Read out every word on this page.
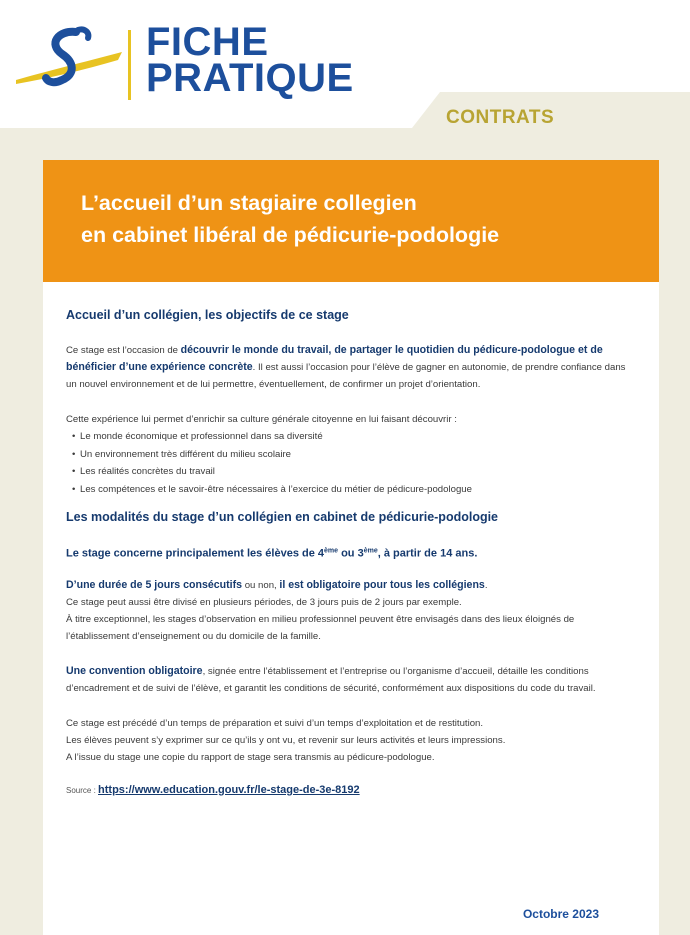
FICHE
PRATIQUE
CONTRATS
L’accueil d’un stagiaire collegien
en cabinet libéral de pédicurie-podologie
Accueil d’un collégien, les objectifs de ce stage

Ce stage est l’occasion de découvrir le monde du travail, de partager le quotidien du pédicure-podologue et de bénéficier d’une expérience concrète. Il est aussi l’occasion pour l’élève de gagner en autonomie, de prendre confiance dans un nouvel environnement et de lui permettre, éventuellement, de confirmer un projet d’orientation.

Cette expérience lui permet d’enrichir sa culture générale citoyenne en lui faisant découvrir :

• Le monde économique et professionnel dans sa diversité
• Un environnement très différent du milieu scolaire
• Les réalités concrètes du travail
• Les compétences et le savoir-être nécessaires à l’exercice du métier de pédicure-podologue
Les modalités du stage d’un collégien en cabinet de pédicurie-podologie

Le stage concerne principalement les élèves de 4ème ou 3ème, à partir de 14 ans.

D’une durée de 5 jours consécutifs ou non, il est obligatoire pour tous les collégiens.

Ce stage peut aussi être divisé en plusieurs périodes, de 3 jours puis de 2 jours par exemple.

À titre exceptionnel, les stages d’observation en milieu professionnel peuvent être envisagés dans des lieux éloignés de l’établissement d’enseignement ou du domicile de la famille.

Une convention obligatoire, signée entre l’établissement et l’entreprise ou l’organisme d’accueil, détaille les conditions d’encadrement et de suivi de l’élève, et garantit les conditions de sécurité, conformément aux dispositions du code du travail.

Ce stage est précédé d’un temps de préparation et suivi d’un temps d’exploitation et de restitution.

Les élèves peuvent s’y exprimer sur ce qu’ils y ont vu, et revenir sur leurs activités et leurs impressions.

A l’issue du stage une copie du rapport de stage sera transmis au pédicure-podologue.

Source : https://www.education.gouv.fr/le-stage-de-3e-8192

Octobre 2023
